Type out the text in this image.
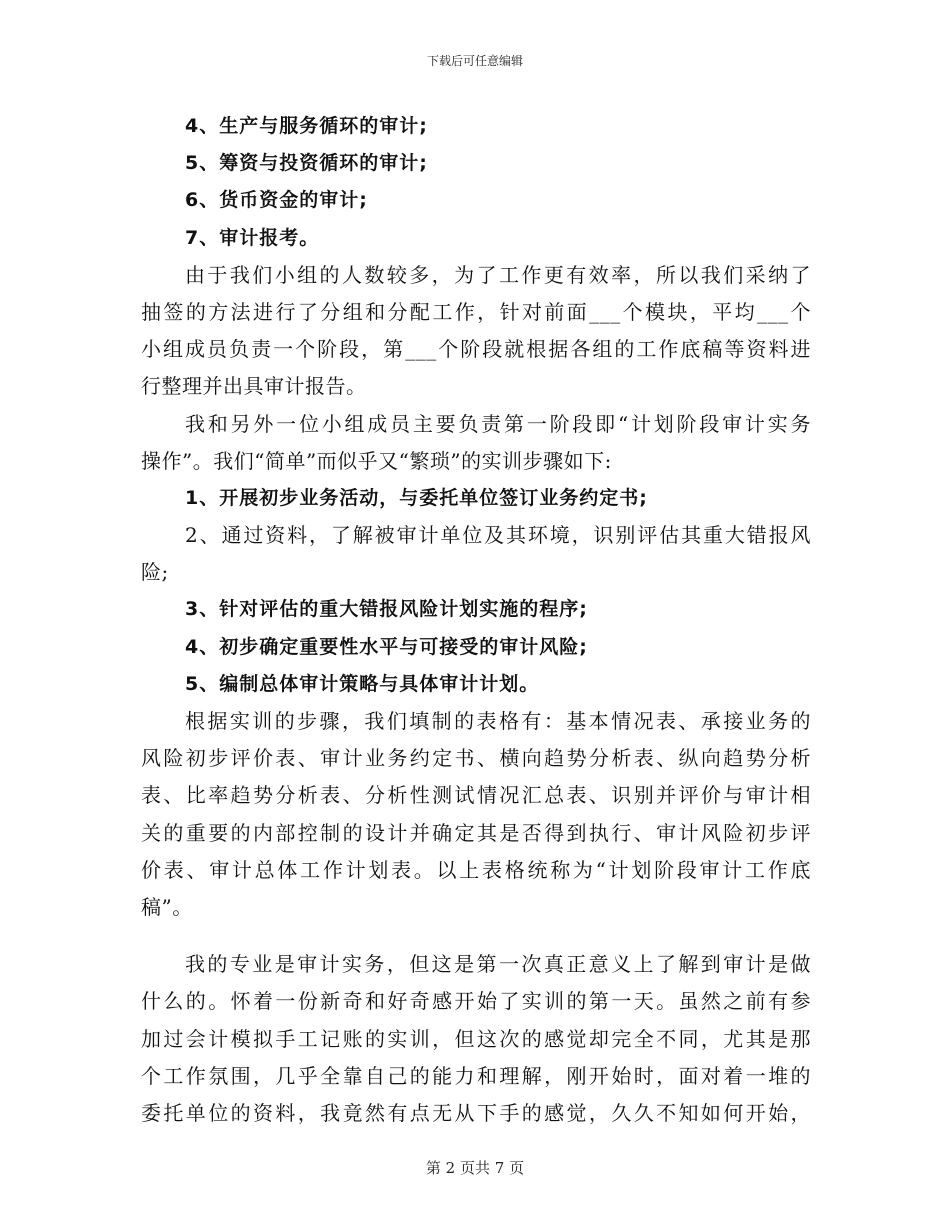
下载后可任意编辑
4、生产与服务循环的审计;
5、筹资与投资循环的审计;
6、货币资金的审计;
7、审计报考。
由于我们小组的人数较多，为了工作更有效率，所以我们采纳了
抽签的方法进行了分组和分配工作，针对前面___个模块，平均___个
小组成员负责一个阶段，第___个阶段就根据各组的工作底稿等资料进
行整理并出具审计报告。
我和另外一位小组成员主要负责第一阶段即“计划阶段审计实务
操作”。我们“简单”而似乎又“繁琐”的实训步骤如下:
1、开展初步业务活动，与委托单位签订业务约定书;
2、通过资料，了解被审计单位及其环境，识别评估其重大错报风
险;
3、针对评估的重大错报风险计划实施的程序;
4、初步确定重要性水平与可接受的审计风险;
5、编制总体审计策略与具体审计计划。
根据实训的步骤，我们填制的表格有：基本情况表、承接业务的
风险初步评价表、审计业务约定书、横向趋势分析表、纵向趋势分析
表、比率趋势分析表、分析性测试情况汇总表、识别并评价与审计相
关的重要的内部控制的设计并确定其是否得到执行、审计风险初步评
价表、审计总体工作计划表。以上表格统称为“计划阶段审计工作底
稿”。
我的专业是审计实务，但这是第一次真正意义上了解到审计是做
什么的。怀着一份新奇和好奇感开始了实训的第一天。虽然之前有参
加过会计模拟手工记账的实训，但这次的感觉却完全不同，尤其是那
个工作氛围，几乎全靠自己的能力和理解，刚开始时，面对着一堆的
委托单位的资料，我竟然有点无从下手的感觉，久久不知如何开始，
第 2 页共 7 页
